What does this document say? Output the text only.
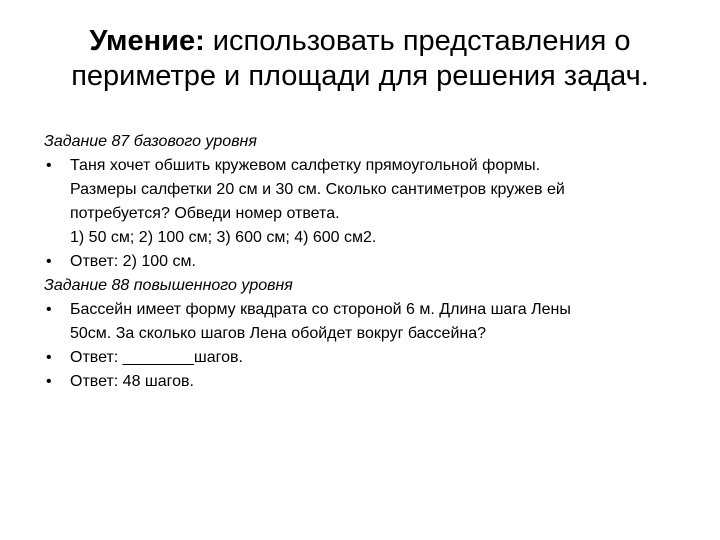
Умение: использовать представления о
периметре и площади для решения задач.

Задание 87 базового уровня

• Таня хочет обшить кружевом салфетку прямоугольной формы.
Размеры салфетки 20 см и 30 см. Сколько сантиметров кружев ей
потребуется? Обведи номер ответа.
1) 50 см; 2) 100 см; 3) 600 см; 4) 600 см2.
• Ответ: 2) 100 см.

Задание 88 повышенного уровня

• Бассейн имеет форму квадрата со стороной 6 м. Длина шага Лены
50см. За сколько шагов Лена обойдет вокруг бассейна?
• Ответ: ________шагов.
• Ответ: 48 шагов.
